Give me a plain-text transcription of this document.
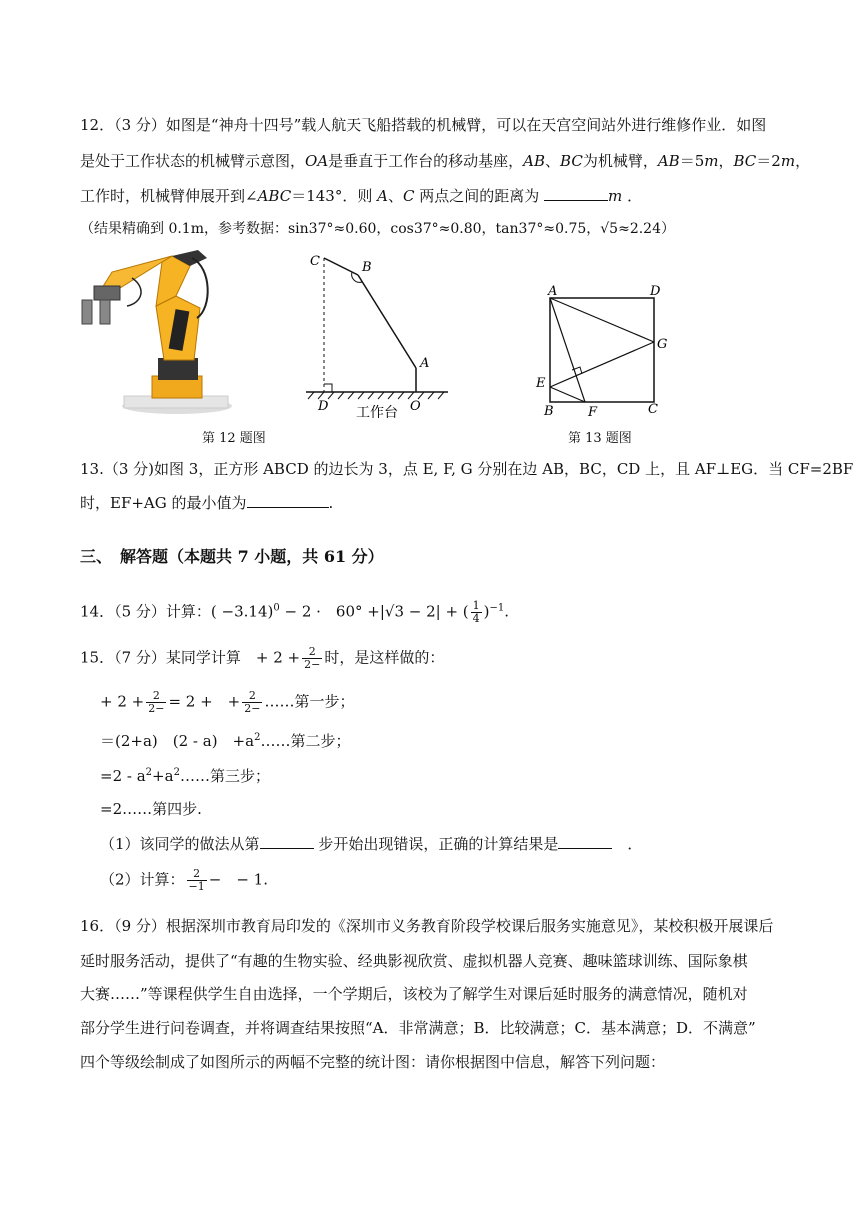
12．（3 分）如图是“神舟十四号”载人航天飞船搭载的机械臂，可以在天宫空间站外进行维修作业．如图
是处于工作状态的机械臂示意图，OA是垂直于工作台的移动基座，AB、BC为机械臂，AB＝5m，BC＝2m，
工作时，机械臂伸展开到∠ABC＝143°．则 A、C 两点之间的距离为	m ．
（结果精确到 0.1m，参考数据：sin37°≈0.60，cos37°≈0.80，tan37°≈0.75，√5≈2.24）
第 12 题图
C	B
A
D	O
工作台
A	D
G
E
B	F	C
第 13 题图
13.（3 分)如图 3，正方形 ABCD 的边长为 3，点 E, F, G 分别在边 AB，BC，CD 上，且 AF⊥EG．当 CF=2BF
时，EF+AG 的最小值为	.
三、　解答题（本题共 7 小题，共 61 分）
14．（5 分）计算：( −3.14)$^0$ − 2 ·　60° +|√3 − 2| + ( $\frac{1}{4} )^{-1}$.
15．（7 分）某同学计算　+ $2 + \frac{2}{2-}$ 时，是这样做的：
+ $2 + \frac{2}{2-} = 2$ +　+ $\frac{2}{2-}$ ……第一步；
＝(2+a)　(2 - a)　$+a^2\dots\dots$第二步；
$=2 - a^2+a^2\dots\dots$第三步；
=2……第四步.
（1）该同学的做法从第	步开始出现错误，正确的计算结果是　	．
（2）计算： $\frac{2}{-1}$ −　− 1.
16．（9 分）根据深圳市教育局印发的《深圳市义务教育阶段学校课后服务实施意见》，某校积极开展课后
延时服务活动，提供了“有趣的生物实验、经典影视欣赏、虚拟机器人竞赛、趣味篮球训练、国际象棋
大赛……”等课程供学生自由选择，一个学期后，该校为了解学生对课后延时服务的满意情况，随机对
部分学生进行问卷调查，并将调查结果按照“A．非常满意；B．比较满意；C．基本满意；D．不满意”
四个等级绘制成了如图所示的两幅不完整的统计图：请你根据图中信息，解答下列问题：
